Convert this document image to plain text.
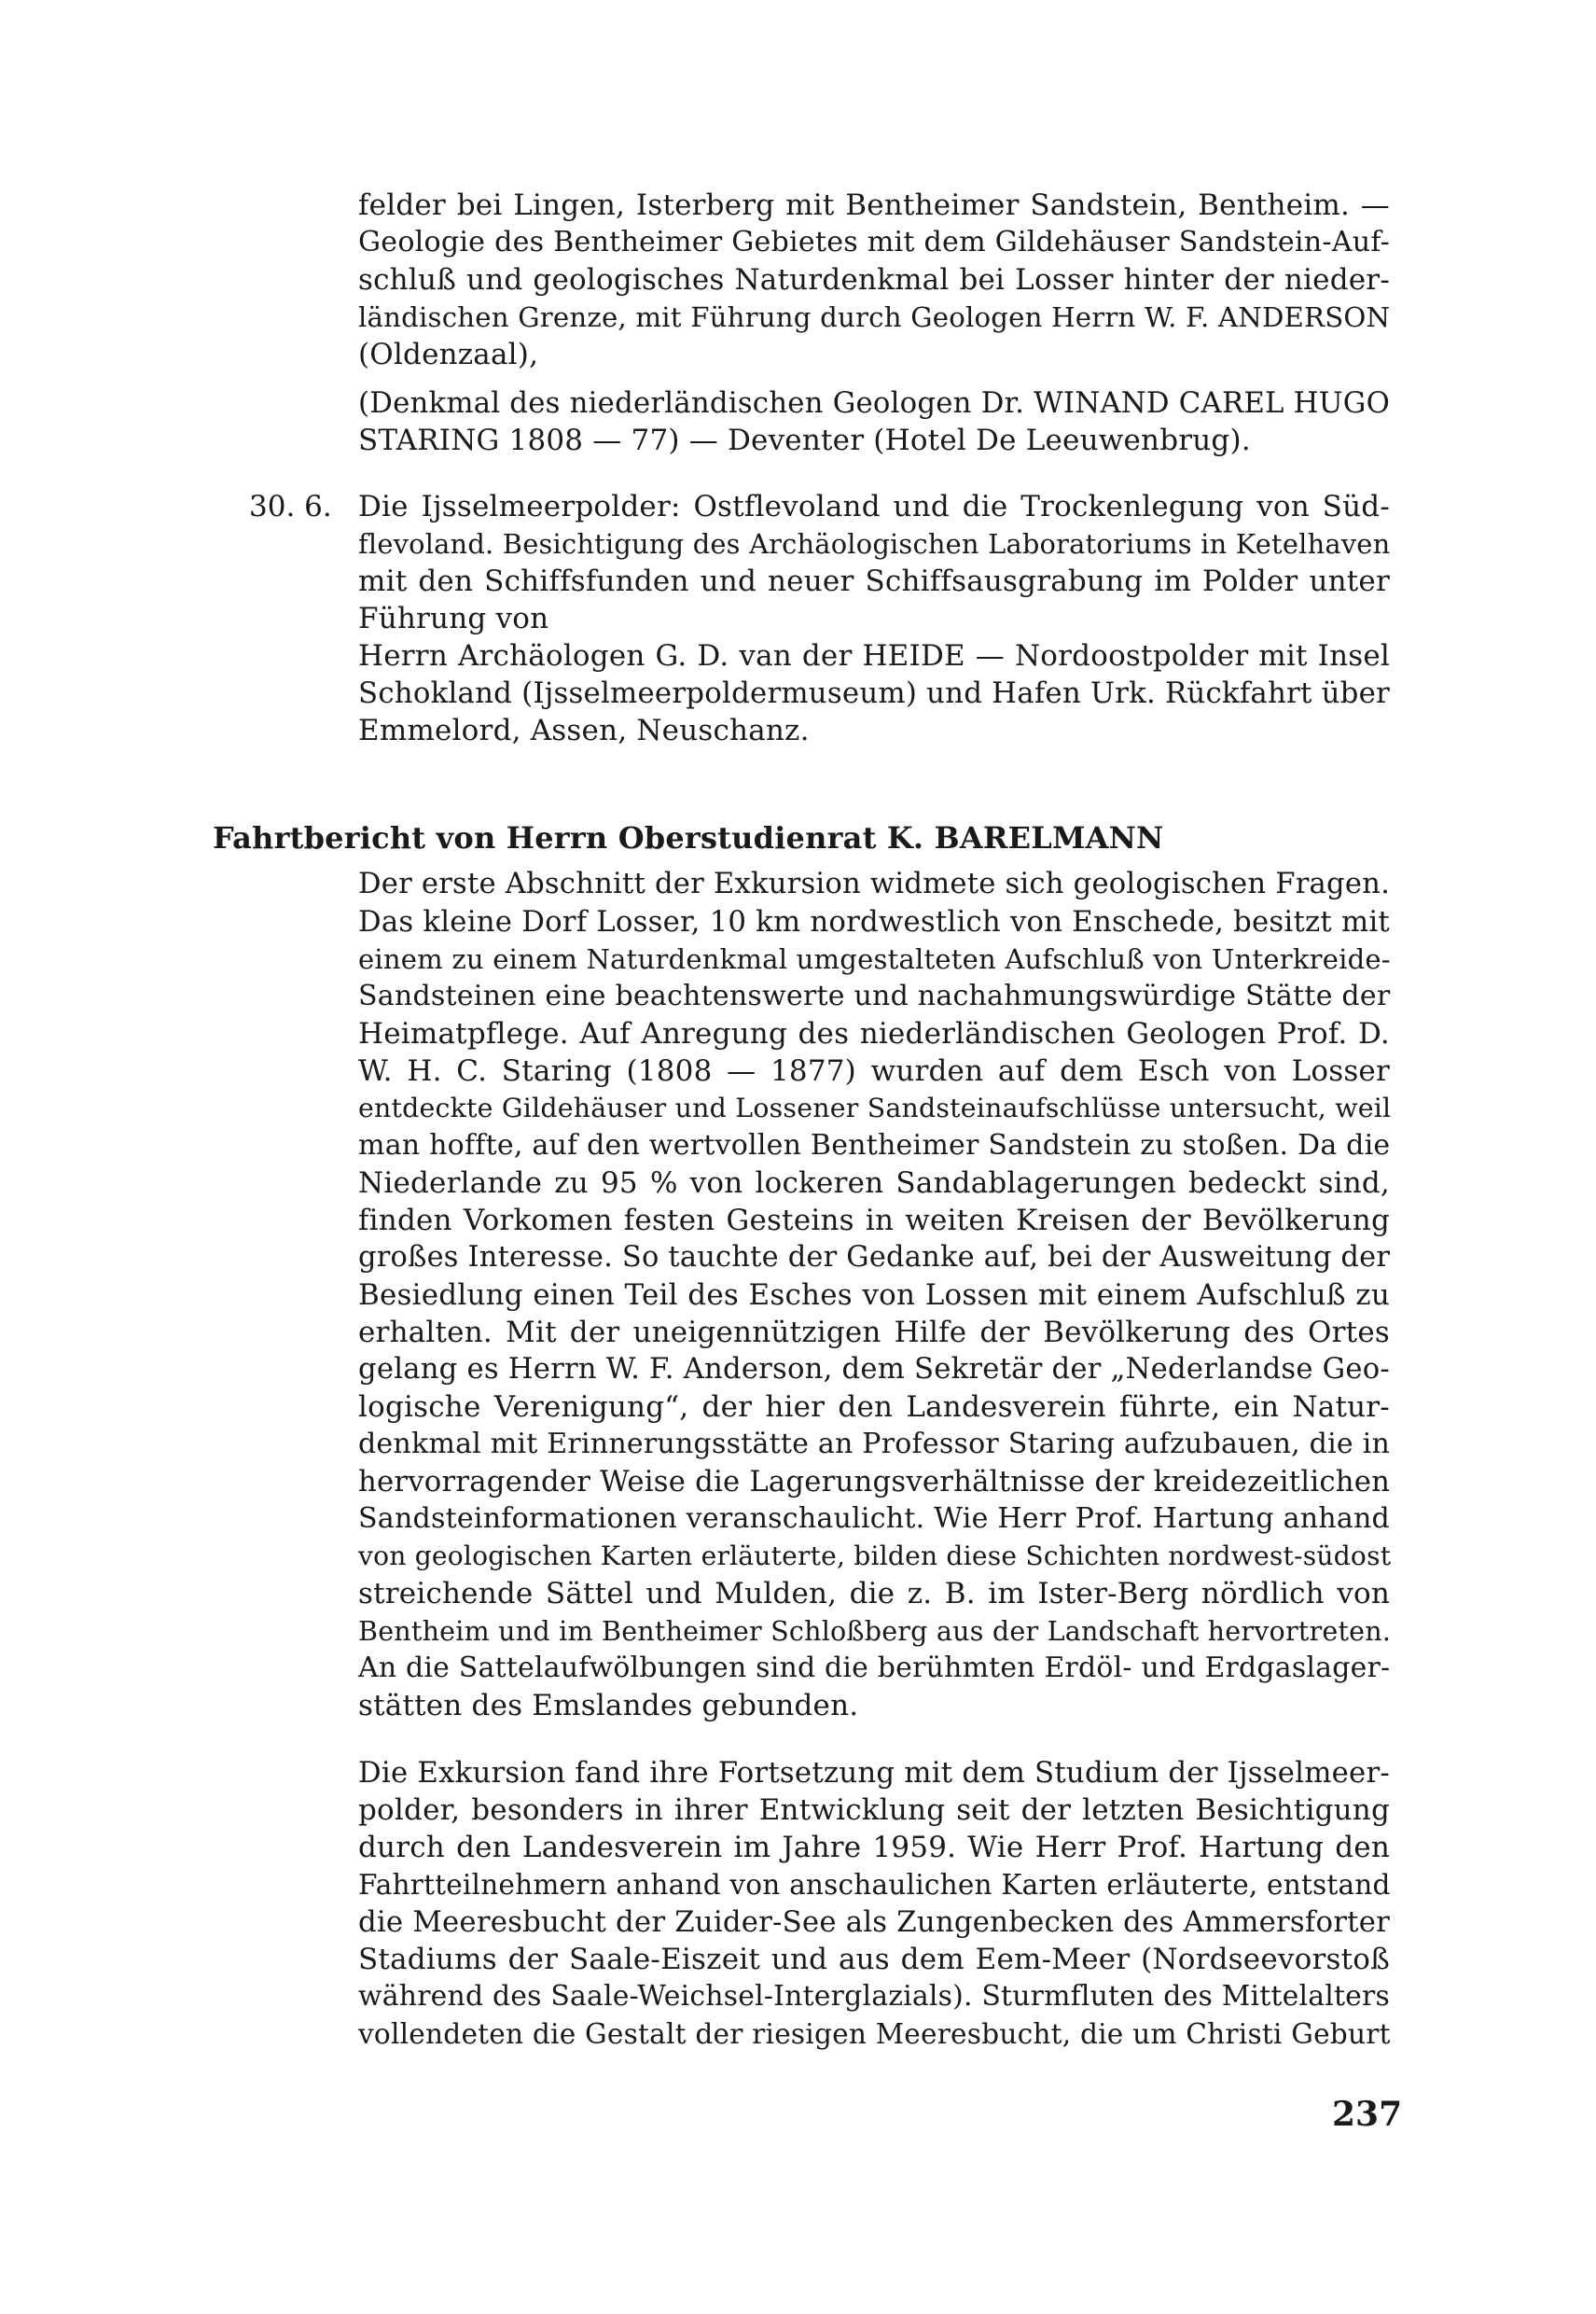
felder bei Lingen, Isterberg mit Bentheimer Sandstein, Bentheim. —
Geologie des Bentheimer Gebietes mit dem Gildehäuser Sandstein-Auf-
schluß und geologisches Naturdenkmal bei Losser hinter der nieder-
ländischen Grenze, mit Führung durch Geologen Herrn W. F. ANDERSON
(Oldenzaal),
(Denkmal des niederländischen Geologen Dr. WINAND CAREL HUGO
STARING 1808 — 77) — Deventer (Hotel De Leeuwenbrug).

30. 6. Die Ijsselmeerpolder: Ostflevoland und die Trockenlegung von Süd-
flevoland. Besichtigung des Archäologischen Laboratoriums in Ketelhaven
mit den Schiffsfunden und neuer Schiffsausgrabung im Polder unter
Führung von
Herrn Archäologen G. D. van der HEIDE — Nordoostpolder mit Insel
Schokland (Ijsselmeerpoldermuseum) und Hafen Urk. Rückfahrt über
Emmelord, Assen, Neuschanz.

Fahrtbericht von Herrn Oberstudienrat K. BARELMANN

Der erste Abschnitt der Exkursion widmete sich geologischen Fragen.
Das kleine Dorf Losser, 10 km nordwestlich von Enschede, besitzt mit
einem zu einem Naturdenkmal umgestalteten Aufschluß von Unterkreide-
Sandsteinen eine beachtenswerte und nachahmungswürdige Stätte der
Heimatpflege. Auf Anregung des niederländischen Geologen Prof. D.
W. H. C. Staring (1808 — 1877) wurden auf dem Esch von Losser
entdeckte Gildehäuser und Lossener Sandsteinaufschlüsse untersucht, weil
man hoffte, auf den wertvollen Bentheimer Sandstein zu stoßen. Da die
Niederlande zu 95 % von lockeren Sandablagerungen bedeckt sind,
finden Vorkomen festen Gesteins in weiten Kreisen der Bevölkerung
großes Interesse. So tauchte der Gedanke auf, bei der Ausweitung der
Besiedlung einen Teil des Esches von Lossen mit einem Aufschluß zu
erhalten. Mit der uneigennützigen Hilfe der Bevölkerung des Ortes
gelang es Herrn W. F. Anderson, dem Sekretär der „Nederlandse Geo-
logische Verenigung“, der hier den Landesverein führte, ein Natur-
denkmal mit Erinnerungsstätte an Professor Staring aufzubauen, die in
hervorragender Weise die Lagerungsverhältnisse der kreidezeitlichen
Sandsteinformationen veranschaulicht. Wie Herr Prof. Hartung anhand
von geologischen Karten erläuterte, bilden diese Schichten nordwest-südost
streichende Sättel und Mulden, die z. B. im Ister-Berg nördlich von
Bentheim und im Bentheimer Schloßberg aus der Landschaft hervortreten.
An die Sattelaufwölbungen sind die berühmten Erdöl- und Erdgaslager-
stätten des Emslandes gebunden.
Die Exkursion fand ihre Fortsetzung mit dem Studium der Ijsselmeer-
polder, besonders in ihrer Entwicklung seit der letzten Besichtigung
durch den Landesverein im Jahre 1959. Wie Herr Prof. Hartung den
Fahrtteilnehmern anhand von anschaulichen Karten erläuterte, entstand
die Meeresbucht der Zuider-See als Zungenbecken des Ammersforter
Stadiums der Saale-Eiszeit und aus dem Eem-Meer (Nordseevorstoß
während des Saale-Weichsel-Interglazials). Sturmfluten des Mittelalters
vollendeten die Gestalt der riesigen Meeresbucht, die um Christi Geburt

237
